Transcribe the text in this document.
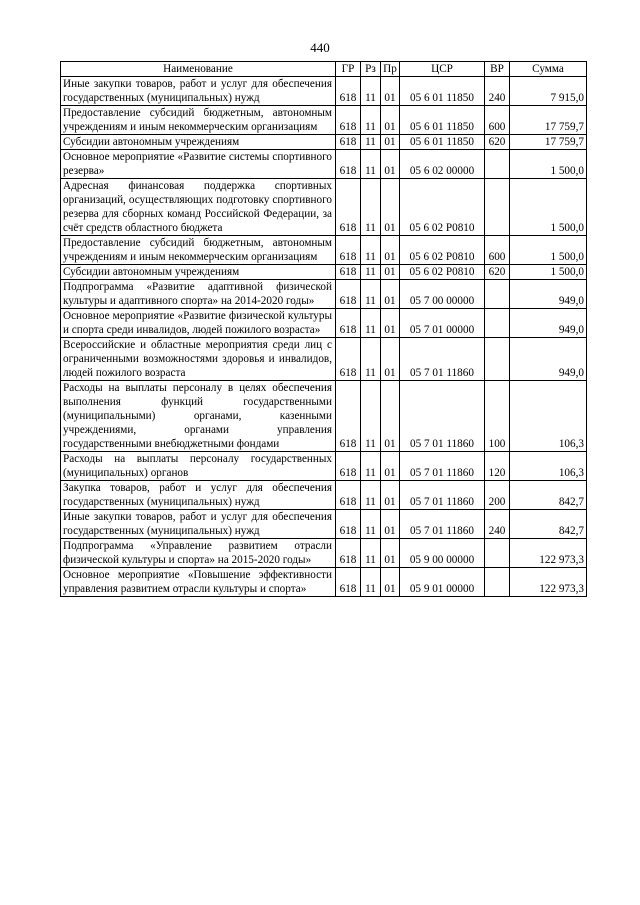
440
Наименование	ГР	Рз	Пр	ЦСР	ВР	Сумма
Иные закупки товаров, работ и услуг для обеспечения государственных (муниципальных) нужд	618	11	01	05 6 01 11850	240	7 915,0
Предоставление субсидий бюджетным, автономным учреждениям и иным некоммерческим организациям	618	11	01	05 6 01 11850	600	17 759,7
Субсидии автономным учреждениям	618	11	01	05 6 01 11850	620	17 759,7
Основное мероприятие «Развитие системы спортивного резерва»	618	11	01	05 6 02 00000		1 500,0
Адресная финансовая поддержка спортивных организаций, осуществляющих подготовку спортивного резерва для сборных команд Российской Федерации, за счёт средств областного бюджета	618	11	01	05 6 02 P0810		1 500,0
Предоставление субсидий бюджетным, автономным учреждениям и иным некоммерческим организациям	618	11	01	05 6 02 P0810	600	1 500,0
Субсидии автономным учреждениям	618	11	01	05 6 02 P0810	620	1 500,0
Подпрограмма «Развитие адаптивной физической культуры и адаптивного спорта» на 2014-2020 годы»	618	11	01	05 7 00 00000		949,0
Основное мероприятие «Развитие физической культуры и спорта среди инвалидов, людей пожилого возраста»	618	11	01	05 7 01 00000		949,0
Всероссийские и областные мероприятия среди лиц с ограниченными возможностями здоровья и инвалидов, людей пожилого возраста	618	11	01	05 7 01 11860		949,0
Расходы на выплаты персоналу в целях обеспечения выполнения функций государственными (муниципальными) органами, казенными учреждениями, органами управления государственными внебюджетными фондами	618	11	01	05 7 01 11860	100	106,3
Расходы на выплаты персоналу государственных (муниципальных) органов	618	11	01	05 7 01 11860	120	106,3
Закупка товаров, работ и услуг для обеспечения государственных (муниципальных) нужд	618	11	01	05 7 01 11860	200	842,7
Иные закупки товаров, работ и услуг для обеспечения государственных (муниципальных) нужд	618	11	01	05 7 01 11860	240	842,7
Подпрограмма «Управление развитием отрасли физической культуры и спорта» на 2015-2020 годы»	618	11	01	05 9 00 00000		122 973,3
Основное мероприятие «Повышение эффективности управления развитием отрасли культуры и спорта»	618	11	01	05 9 01 00000		122 973,3
